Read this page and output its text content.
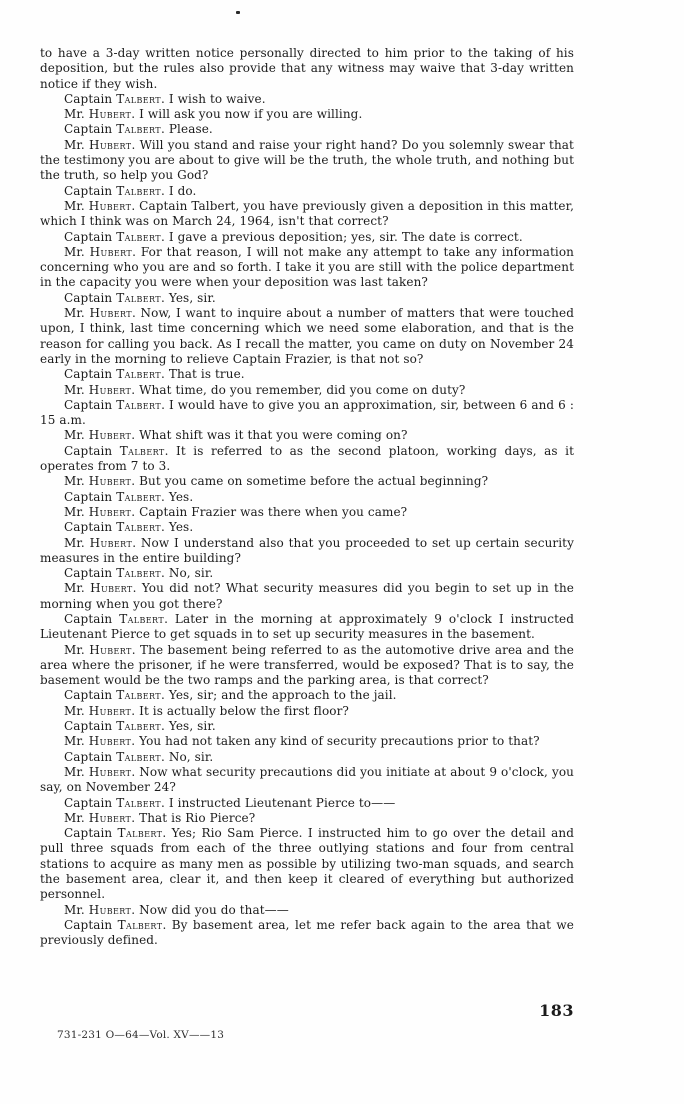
to have a 3-day written notice personally directed to him prior to the taking of his deposition, but the rules also provide that any witness may waive that 3-day written notice if they wish.

Captain Talbert. I wish to waive.

Mr. Hubert. I will ask you now if you are willing.

Captain Talbert. Please.

Mr. Hubert. Will you stand and raise your right hand? Do you solemnly swear that the testimony you are about to give will be the truth, the whole truth, and nothing but the truth, so help you God?

Captain Talbert. I do.

Mr. Hubert. Captain Talbert, you have previously given a deposition in this matter, which I think was on March 24, 1964, isn't that correct?

Captain Talbert. I gave a previous deposition; yes, sir. The date is correct.

Mr. Hubert. For that reason, I will not make any attempt to take any information concerning who you are and so forth. I take it you are still with the police department in the capacity you were when your deposition was last taken?

Captain Talbert. Yes, sir.

Mr. Hubert. Now, I want to inquire about a number of matters that were touched upon, I think, last time concerning which we need some elaboration, and that is the reason for calling you back. As I recall the matter, you came on duty on November 24 early in the morning to relieve Captain Frazier, is that not so?

Captain Talbert. That is true.

Mr. Hubert. What time, do you remember, did you come on duty?

Captain Talbert. I would have to give you an approximation, sir, between 6 and 6 : 15 a.m.

Mr. Hubert. What shift was it that you were coming on?

Captain Talbert. It is referred to as the second platoon, working days, as it operates from 7 to 3.

Mr. Hubert. But you came on sometime before the actual beginning?

Captain Talbert. Yes.

Mr. Hubert. Captain Frazier was there when you came?

Captain Talbert. Yes.

Mr. Hubert. Now I understand also that you proceeded to set up certain security measures in the entire building?

Captain Talbert. No, sir.

Mr. Hubert. You did not? What security measures did you begin to set up in the morning when you got there?

Captain Talbert. Later in the morning at approximately 9 o'clock I instructed Lieutenant Pierce to get squads in to set up security measures in the basement.

Mr. Hubert. The basement being referred to as the automotive drive area and the area where the prisoner, if he were transferred, would be exposed? That is to say, the basement would be the two ramps and the parking area, is that correct?

Captain Talbert. Yes, sir; and the approach to the jail.

Mr. Hubert. It is actually below the first floor?

Captain Talbert. Yes, sir.

Mr. Hubert. You had not taken any kind of security precautions prior to that?

Captain Talbert. No, sir.

Mr. Hubert. Now what security precautions did you initiate at about 9 o'clock, you say, on November 24?

Captain Talbert. I instructed Lieutenant Pierce to——

Mr. Hubert. That is Rio Pierce?

Captain Talbert. Yes; Rio Sam Pierce. I instructed him to go over the detail and pull three squads from each of the three outlying stations and four from central stations to acquire as many men as possible by utilizing two-man squads, and search the basement area, clear it, and then keep it cleared of everything but authorized personnel.

Mr. Hubert. Now did you do that——

Captain Talbert. By basement area, let me refer back again to the area that we previously defined.

183
731-231 O—64—Vol. XV——13
